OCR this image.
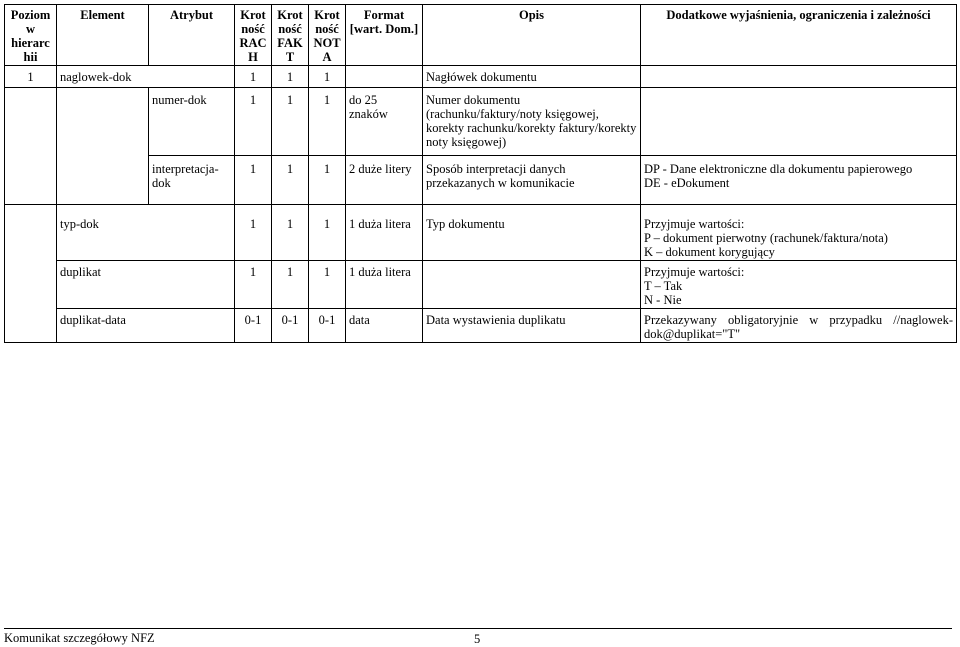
Poziom w hierarchii	Element	Atrybut	Krot ność RAC H	Krot ność FAK T	Krot ność NOT A	Format [wart. Dom.]	Opis	Dodatkowe wyjaśnienia, ograniczenia i zależności
1	naglowek-dok		1	1	1		Nagłówek dokumentu	
		numer-dok	1	1	1	do 25 znaków	Numer dokumentu (rachunku/faktury/noty księgowej, korekty rachunku/korekty faktury/korekty noty księgowej)	
		interpretacja-dok	1	1	1	2 duże litery	Sposób interpretacji danych przekazanych w komunikacie	DP - Dane elektroniczne dla dokumentu papierowego
DE - eDokument

	typ-dok		1	1	1	1 duża litera	Typ dokumentu	Przyjmuje wartości:
P – dokument pierwotny (rachunek/faktura/nota)
K – dokument korygujący

	duplikat		1	1	1	1 duża litera		Przyjmuje wartości:
T – Tak
N - Nie

	duplikat-data		0-1	0-1	0-1	data	Data wystawienia duplikatu	Przekazywany obligatoryjnie w przypadku //naglowek-dok@duplikat="T"
Komunikat szczegółowy NFZ	5
